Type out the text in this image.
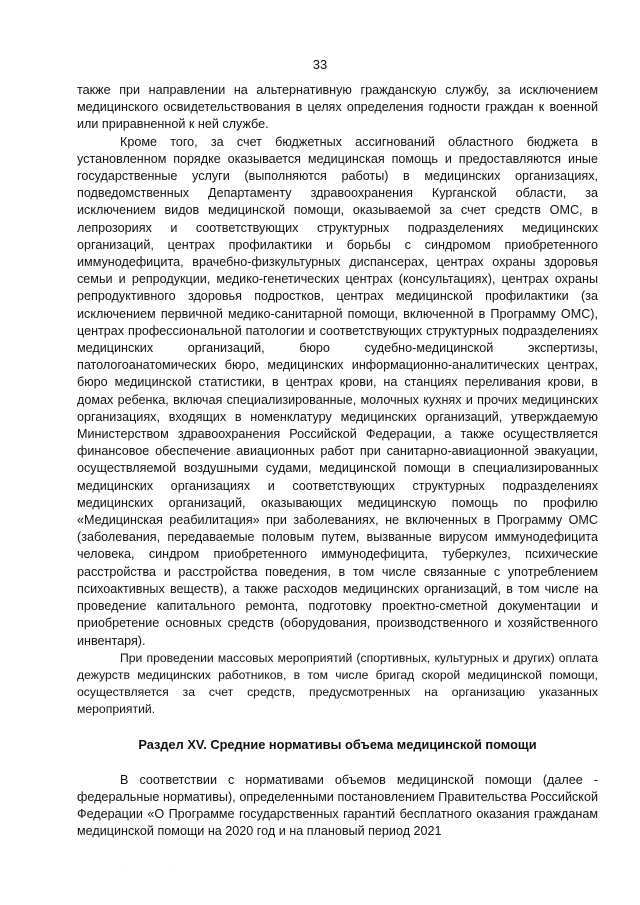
33

также при направлении на альтернативную гражданскую службу, за исключением медицинского освидетельствования в целях определения годности граждан к военной или приравненной к ней службе.

Кроме того, за счет бюджетных ассигнований областного бюджета в установленном порядке оказывается медицинская помощь и предоставляются иные государственные услуги (выполняются работы) в медицинских организациях, подведомственных Департаменту здравоохранения Курганской области, за исключением видов медицинской помощи, оказываемой за счет средств ОМС, в лепрозориях и соответствующих структурных подразделениях медицинских организаций, центрах профилактики и борьбы с синдромом приобретенного иммунодефицита, врачебно-физкультурных диспансерах, центрах охраны здоровья семьи и репродукции, медико-генетических центрах (консультациях), центрах охраны репродуктивного здоровья подростков, центрах медицинской профилактики (за исключением первичной медико-санитарной помощи, включенной в Программу ОМС), центрах профессиональной патологии и соответствующих структурных подразделениях медицинских организаций, бюро судебно-медицинской экспертизы, патологоанатомических бюро, медицинских информационно-аналитических центрах, бюро медицинской статистики, в центрах крови, на станциях переливания крови, в домах ребенка, включая специализированные, молочных кухнях и прочих медицинских организациях, входящих в номенклатуру медицинских организаций, утверждаемую Министерством здравоохранения Российской Федерации, а также осуществляется финансовое обеспечение авиационных работ при санитарно-авиационной эвакуации, осуществляемой воздушными судами, медицинской помощи в специализированных медицинских организациях и соответствующих структурных подразделениях медицинских организаций, оказывающих медицинскую помощь по профилю «Медицинская реабилитация» при заболеваниях, не включенных в Программу ОМС (заболевания, передаваемые половым путем, вызванные вирусом иммунодефицита человека, синдром приобретенного иммунодефицита, туберкулез, психические расстройства и расстройства поведения, в том числе связанные с употреблением психоактивных веществ), а также расходов медицинских организаций, в том числе на проведение капитального ремонта, подготовку проектно-сметной документации и приобретение основных средств (оборудования, производственного и хозяйственного инвентаря).

При проведении массовых мероприятий (спортивных, культурных и других) оплата дежурств медицинских работников, в том числе бригад скорой медицинской помощи, осуществляется за счет средств, предусмотренных на организацию указанных мероприятий.

Раздел XV. Средние нормативы объема медицинской помощи

В соответствии с нормативами объемов медицинской помощи (далее - федеральные нормативы), определенными постановлением Правительства Российской Федерации «О Программе государственных гарантий бесплатного оказания гражданам медицинской помощи на 2020 год и на плановый период 2021

· ·
